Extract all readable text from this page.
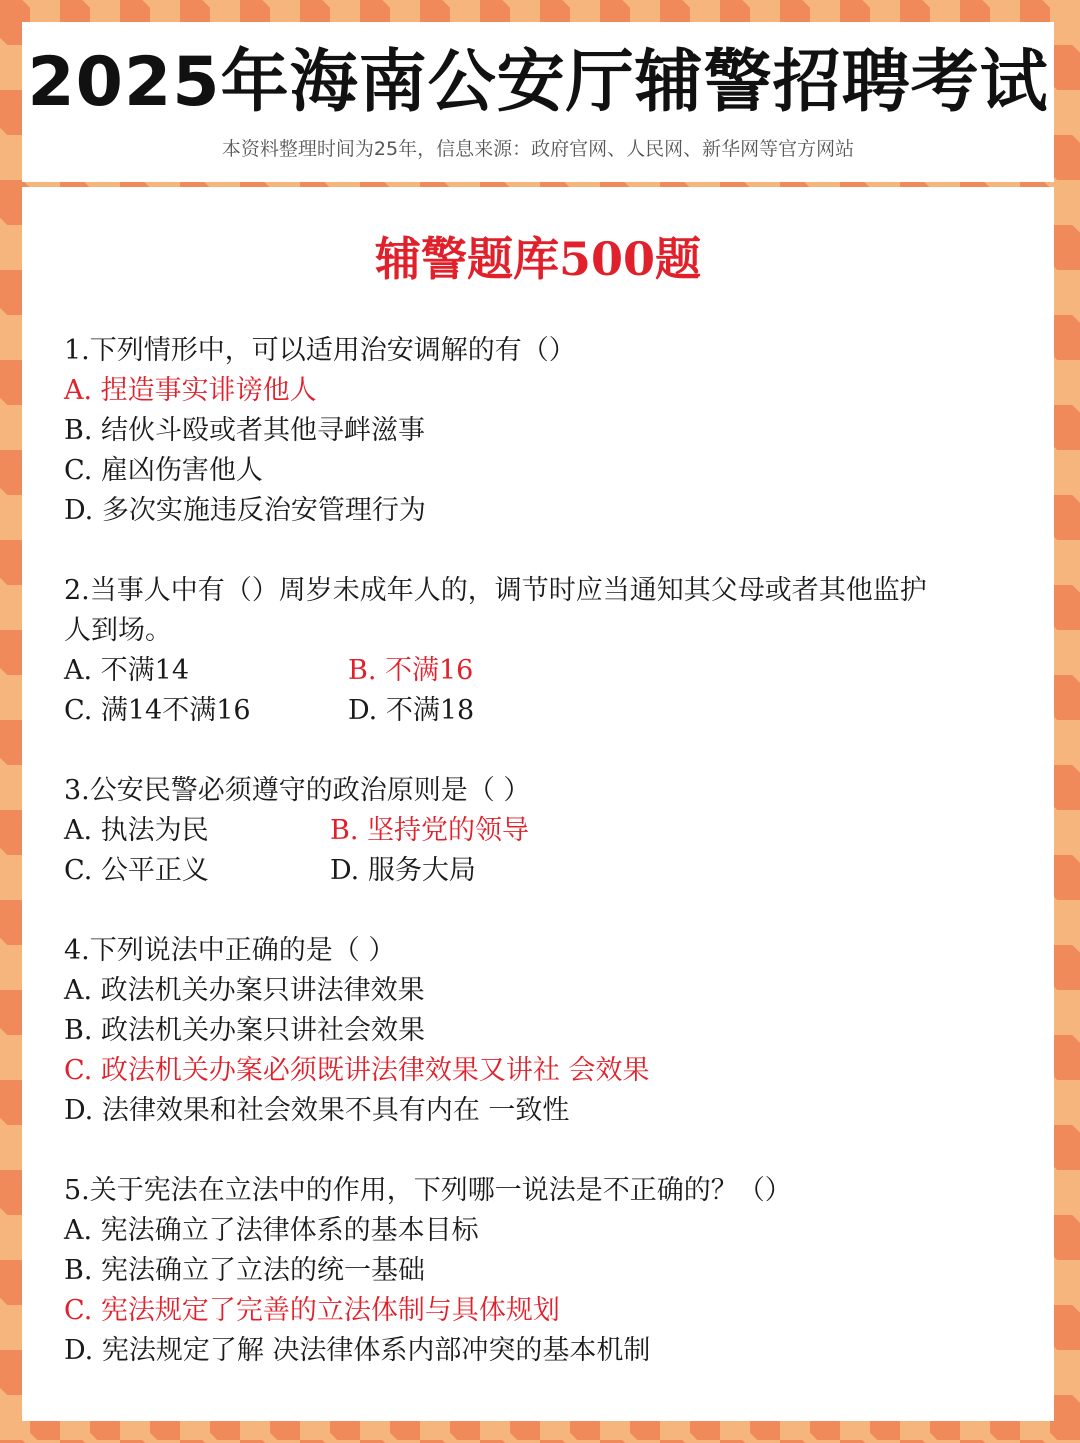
2025年海南公安厅辅警招聘考试
本资料整理时间为25年，信息来源：政府官网、人民网、新华网等官方网站
辅警题库500题
1.下列情形中，可以适用治安调解的有（）
A. 捏造事实诽谤他人
B. 结伙斗殴或者其他寻衅滋事
C. 雇凶伤害他人
D. 多次实施违反治安管理行为
2.当事人中有（）周岁未成年人的，调节时应当通知其父母或者其他监护
人到场。
A. 不满14	B. 不满16
C. 满14不满16	D. 不满18
3.公安民警必须遵守的政治原则是（ ）
A. 执法为民	B. 坚持党的领导
C. 公平正义	D. 服务大局
4.下列说法中正确的是（ ）
A. 政法机关办案只讲法律效果
B. 政法机关办案只讲社会效果
C. 政法机关办案必须既讲法律效果又讲社 会效果
D. 法律效果和社会效果不具有内在 一致性
5.关于宪法在立法中的作用，下列哪一说法是不正确的？（）
A. 宪法确立了法律体系的基本目标
B. 宪法确立了立法的统一基础
C. 宪法规定了完善的立法体制与具体规划
D. 宪法规定了解 决法律体系内部冲突的基本机制
